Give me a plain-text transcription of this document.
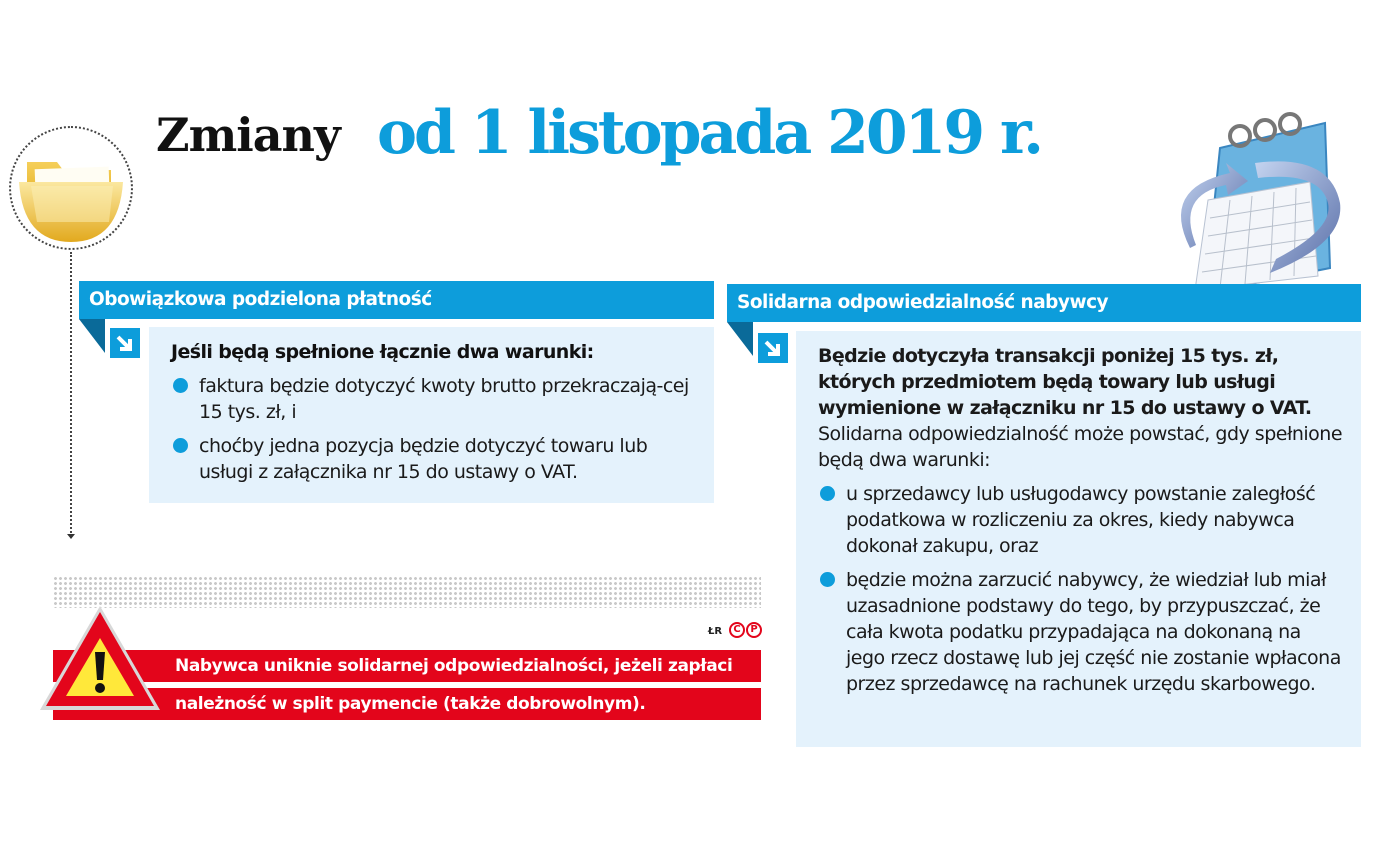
Zmiany od 1 listopada 2019 r.
Obowiązkowa podzielona płatność
Jeśli będą spełnione łącznie dwa warunki:
faktura będzie dotyczyć kwoty brutto przekraczają-cej 15 tys. zł, i
choćby jedna pozycja będzie dotyczyć towaru lub usługi z załącznika nr 15 do ustawy o VAT.
Solidarna odpowiedzialność nabywcy
Będzie dotyczyła transakcji poniżej 15 tys. zł, których przedmiotem będą towary lub usługi wymienione w załączniku nr 15 do ustawy o VAT. Solidarna odpowiedzialność może powstać, gdy spełnione będą dwa warunki:
u sprzedawcy lub usługodawcy powstanie zaległość podatkowa w rozliczeniu za okres, kiedy nabywca dokonał zakupu, oraz
będzie można zarzucić nabywcy, że wiedział lub miał uzasadnione podstawy do tego, by przypuszczać, że cała kwota podatku przypadająca na dokonaną na jego rzecz dostawę lub jej część nie zostanie wpłacona przez sprzedawcę na rachunek urzędu skarbowego.
ŁR	C P
Nabywca uniknie solidarnej odpowiedzialności, jeżeli zapłaci
należność w split paymencie (także dobrowolnym).
